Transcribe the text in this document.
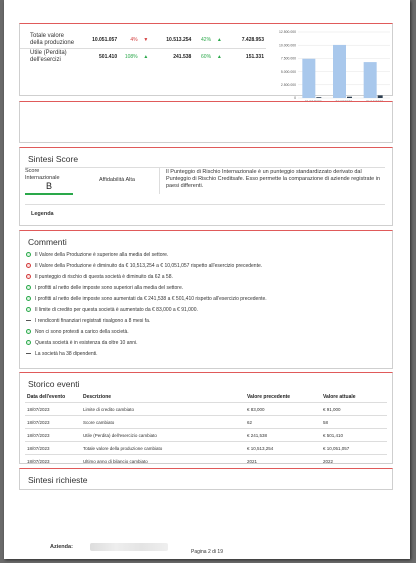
Totale valore della produzione	10.051.057	4%	▼	10.513.254	42%	▲	7.428.953
Utile (Perdita) dell'esercizi	501.410	108%	▲	241.538	60%	▲	151.331
12.500.000
10.000.000
7.500.000
5.000.000
2.500.000
0
Sintesi Score
Score Internazionale
B
Affidabilità Alta
Il Punteggio di Rischio Internazionale è un punteggio standardizzato derivato dal Punteggio di Rischio Creditsafe. Esso permette la comparazione di aziende registrate in paesi differenti.
Legenda
Commenti
Il Valore della Produzione è superiore alla media del settore.
Il Valore della Produzione è diminuito da € 10,513,254 a € 10,051,057 rispetto all'esercizio precedente.
Il punteggio di rischio di questa società è diminuito da 62 a 58.
I profitti al netto delle imposte sono superiori alla media del settore.
I profitti al netto delle imposte sono aumentati da € 241,538 a € 501,410 rispetto all'esercizio precedente.
Il limite di credito per questa società è aumentato da € 83,000 a € 91,000.
I rendiconti finanziari registrati risalgono a 8 mesi fa.
Non ci sono protesti a carico della società.
Questa società è in esistenza da oltre 10 anni.
La società ha 38 dipendenti.
Storico eventi
Data dell'evento	Descrizione	Valore precedente	Valore attuale
18/07/2023	Limite di credito cambiato	€ 83,000	€ 91,000
18/07/2023	Score cambiato	62	58
18/07/2023	Utile (Perdita) dell'esercizio cambiato	€ 241,538	€ 501,410
18/07/2023	Totale valore della produzione cambiato	€ 10,513,254	€ 10,051,057
18/07/2023	Ultimo anno di bilancio cambiato	2021	2022
Sintesi richieste
Azienda:
Pagina 2 di 19
